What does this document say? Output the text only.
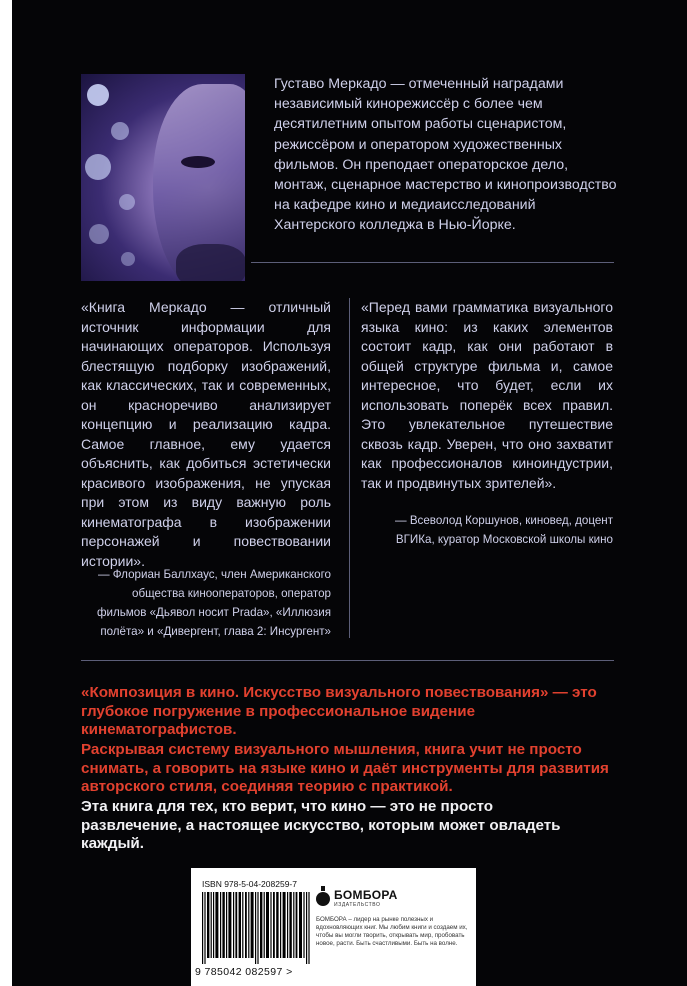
Густаво Меркадо — отмеченный наградами независимый кинорежиссёр с более чем десятилетним опытом работы сценаристом, режиссёром и оператором художественных фильмов. Он преподает операторское дело, монтаж, сценарное мастерство и кинопроизводство на кафедре кино и медиаисследований Хантерского колледжа в Нью-Йорке.

«Книга Меркадо — отличный источник информации для начинающих операторов. Используя блестящую подборку изображений, как классических, так и современных, он красноречиво анализирует концепцию и реализацию кадра. Самое главное, ему удается объяснить, как добиться эстетически красивого изображения, не упуская при этом из виду важную роль кинематографа в изображении персонажей и повествовании истории».

— Флориан Баллхаус, член Американского общества кинооператоров, оператор фильмов «Дьявол носит Prada», «Иллюзия полёта» и «Дивергент, глава 2: Инсургент»

«Перед вами грамматика визуального языка кино: из каких элементов состоит кадр, как они работают в общей структуре фильма и, самое интересное, что будет, если их использовать поперёк всех правил. Это увлекательное путешествие сквозь кадр. Уверен, что оно захватит как профессионалов киноиндустрии, так и продвинутых зрителей».

— Всеволод Коршунов, киновед, доцент ВГИКа, куратор Московской школы кино

«Композиция в кино. Искусство визуального повествования» — это глубокое погружение в профессиональное видение кинематографистов.

Раскрывая систему визуального мышления, книга учит не просто снимать, а говорить на языке кино и даёт инструменты для развития авторского стиля, соединяя теорию с практикой.

Эта книга для тех, кто верит, что кино — это не просто развлечение, а настоящее искусство, которым может овладеть каждый.

ISBN 978-5-04-208259-7
9 785042 082597 >
БОМБОРА
ИЗДАТЕЛЬСТВО

БОМБОРА – лидер на рынке полезных и вдохновляющих книг. Мы любим книги и создаем их, чтобы вы могли творить, открывать мир, пробовать новое, расти. Быть счастливыми. Быть на волне.
